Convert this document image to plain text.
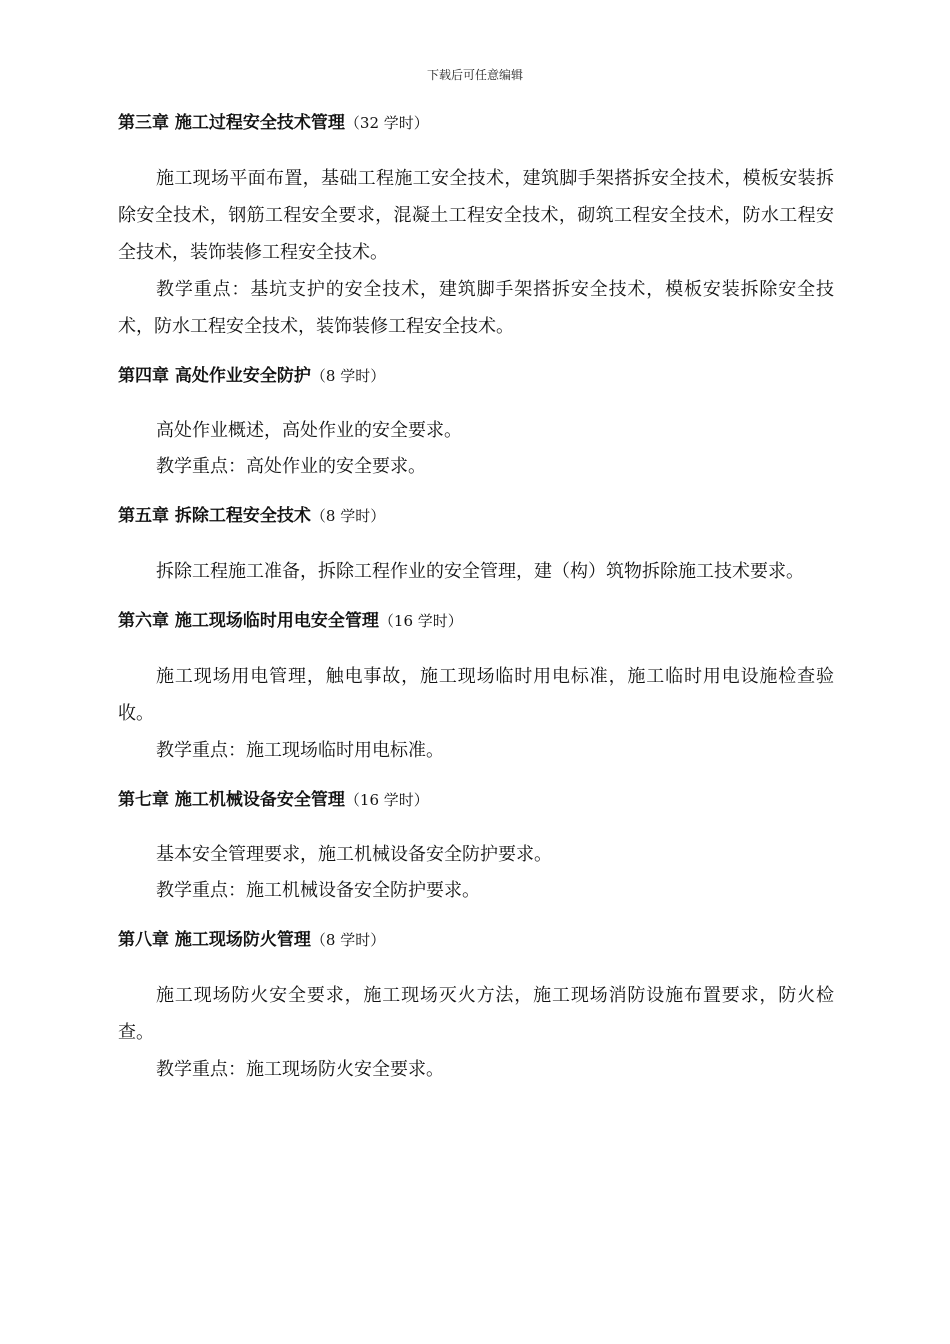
下载后可任意编辑
第三章 施工过程安全技术管理（32 学时）

施工现场平面布置，基础工程施工安全技术，建筑脚手架搭拆安全技术，模板安装拆除安全技术，钢筋工程安全要求，混凝土工程安全技术，砌筑工程安全技术，防水工程安全技术，装饰装修工程安全技术。

教学重点：基坑支护的安全技术，建筑脚手架搭拆安全技术，模板安装拆除安全技术，防水工程安全技术，装饰装修工程安全技术。

第四章 高处作业安全防护（8 学时）

高处作业概述，高处作业的安全要求。

教学重点：高处作业的安全要求。

第五章 拆除工程安全技术（8 学时）

拆除工程施工准备，拆除工程作业的安全管理，建（构）筑物拆除施工技术要求。

第六章 施工现场临时用电安全管理（16 学时）

施工现场用电管理，触电事故，施工现场临时用电标准，施工临时用电设施检查验收。

教学重点：施工现场临时用电标准。

第七章 施工机械设备安全管理（16 学时）

基本安全管理要求，施工机械设备安全防护要求。

教学重点：施工机械设备安全防护要求。

第八章 施工现场防火管理（8 学时）

施工现场防火安全要求，施工现场灭火方法，施工现场消防设施布置要求，防火检查。

教学重点：施工现场防火安全要求。
